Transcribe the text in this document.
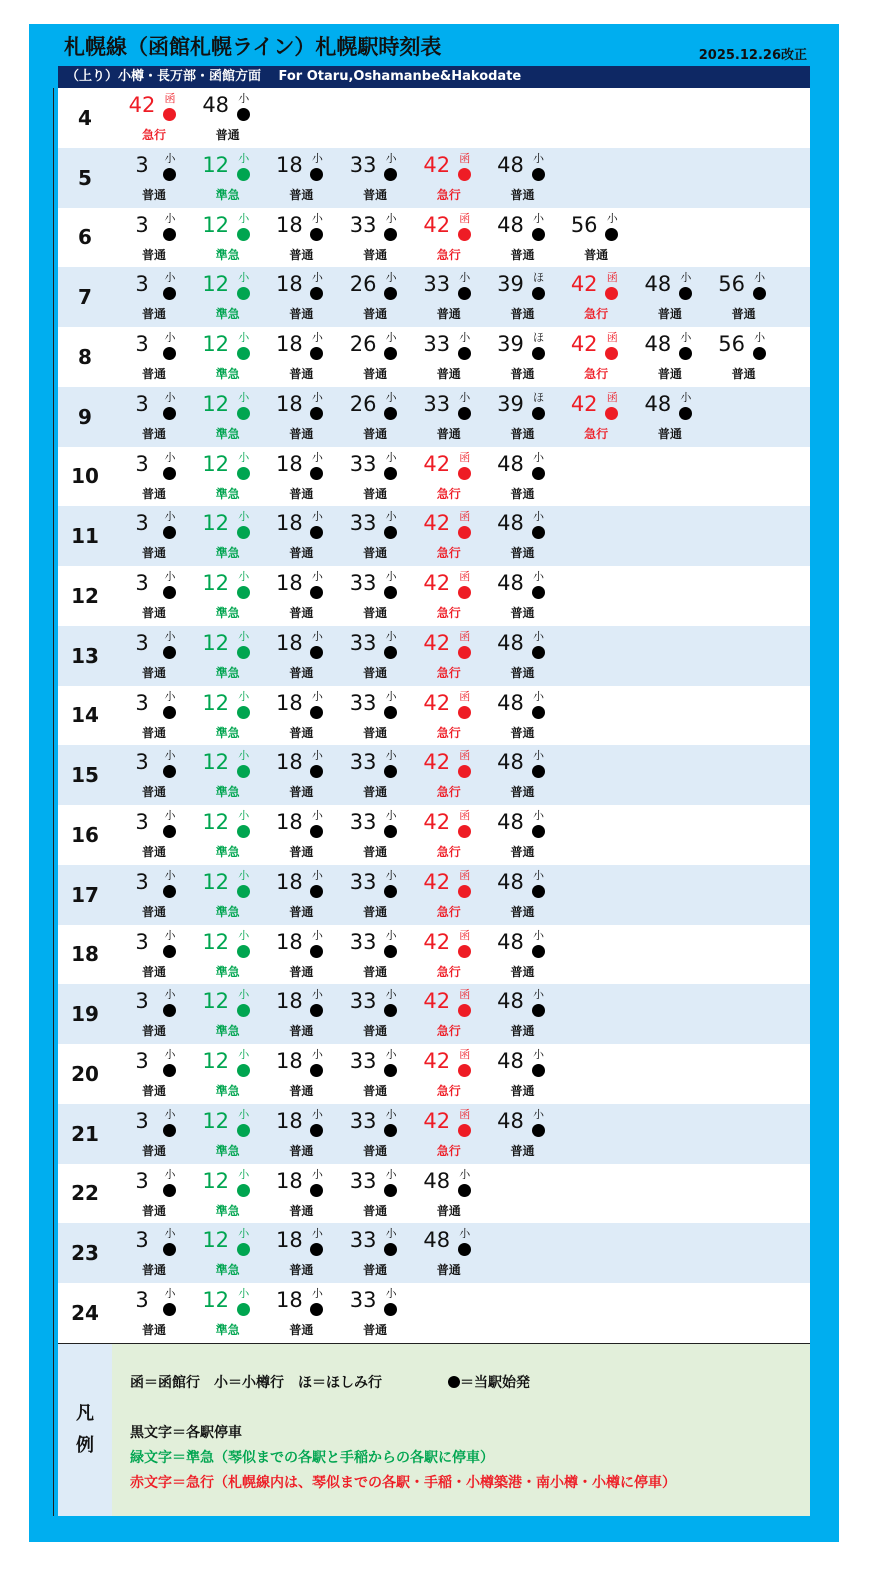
札幌線（函館札幌ライン）札幌駅時刻表	2025.12.26改正
（上り）小樽・長万部・函館方面　 For Otaru,Oshamanbe&Hakodate
4
42 函
急行
48 小
普通
5
3	小
普通
12 小
準急
18 小
普通
33 小
普通
42 函
急行
48 小
普通
6
3	小
普通
12 小
準急
18 小
普通
33 小
普通
42 函
急行
48 小
普通
56 小
普通
7
3	小
普通
12 小
準急
18 小
普通
26 小
普通
33 小
普通
39 ほ
普通
42 函
急行
48 小
普通
56 小
普通
8
3	小
普通
12 小
準急
18 小
普通
26 小
普通
33 小
普通
39 ほ
普通
42 函
急行
48 小
普通
56 小
普通
9
3	小
普通
12 小
準急
18 小
普通
26 小
普通
33 小
普通
39 ほ
普通
42 函
急行
48 小
普通
10
3	小
普通
12 小
準急
18 小
普通
33 小
普通
42 函
急行
48 小
普通
11
3	小
普通
12 小
準急
18 小
普通
33 小
普通
42 函
急行
48 小
普通
12
3	小
普通
12 小
準急
18 小
普通
33 小
普通
42 函
急行
48 小
普通
13
3	小
普通
12 小
準急
18 小
普通
33 小
普通
42 函
急行
48 小
普通
14
3	小
普通
12 小
準急
18 小
普通
33 小
普通
42 函
急行
48 小
普通
15
3	小
普通
12 小
準急
18 小
普通
33 小
普通
42 函
急行
48 小
普通
16
3	小
普通
12 小
準急
18 小
普通
33 小
普通
42 函
急行
48 小
普通
17
3	小
普通
12 小
準急
18 小
普通
33 小
普通
42 函
急行
48 小
普通
18
3	小
普通
12 小
準急
18 小
普通
33 小
普通
42 函
急行
48 小
普通
19
3	小
普通
12 小
準急
18 小
普通
33 小
普通
42 函
急行
48 小
普通
20
3	小
普通
12 小
準急
18 小
普通
33 小
普通
42 函
急行
48 小
普通
21
3	小
普通
12 小
準急
18 小
普通
33 小
普通
42 函
急行
48 小
普通
22
3	小
普通
12 小
準急
18 小
普通
33 小
普通
48 小
普通
23
3	小
普通
12 小
準急
18 小
普通
33 小
普通
48 小
普通
24
3	小
普通
12 小
準急
18 小
普通
33 小
普通
凡
例
函＝函館行　小＝小樽行　ほ＝ほしみ行	＝当駅始発
黒文字＝各駅停車
緑文字＝準急（琴似までの各駅と手稲からの各駅に停車）
赤文字＝急行（札幌線内は、琴似までの各駅・手稲・小樽築港・南小樽・小樽に停車）
